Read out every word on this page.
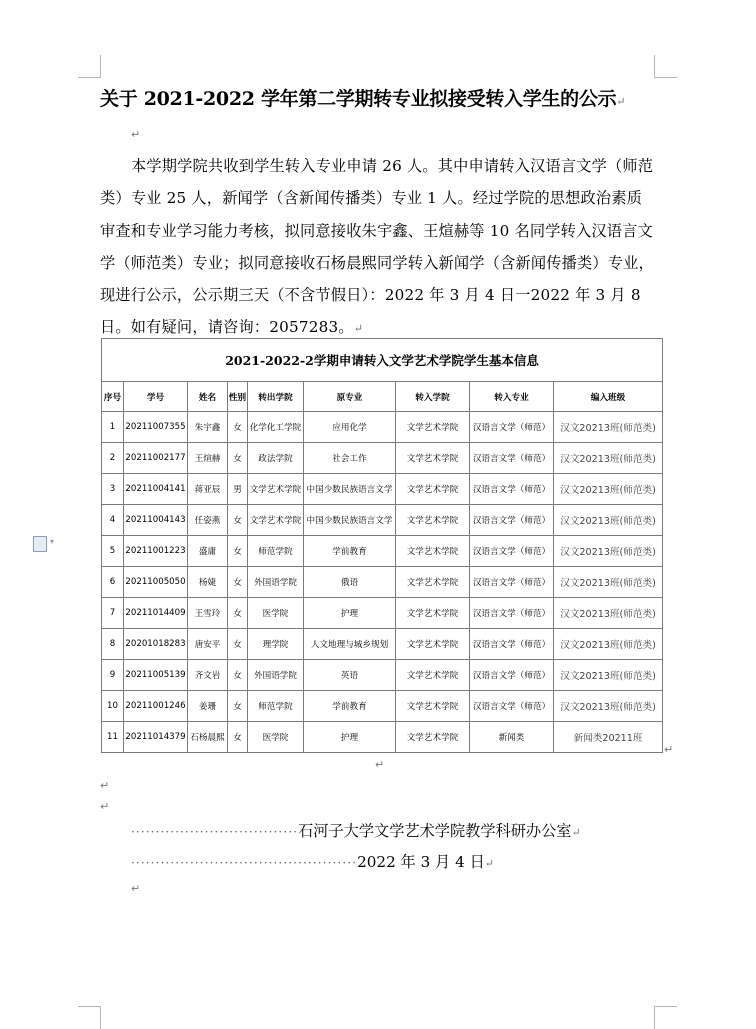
关于 2021-2022 学年第二学期转专业拟接受转入学生的公示↵
↵
本学期学院共收到学生转入专业申请 26 人。其中申请转入汉语言文学（师范类）专业 25 人，新闻学（含新闻传播类）专业 1 人。经过学院的思想政治素质审查和专业学习能力考核，拟同意接收朱宇鑫、王煊赫等 10 名同学转入汉语言文学（师范类）专业；拟同意接收石杨晨熙同学转入新闻学（含新闻传播类）专业，现进行公示，公示期三天（不含节假日）：2022 年 3 月 4 日一2022 年 3 月 8 日。如有疑问，请咨询：2057283。↵
▾
2021-2022-2学期申请转入文学艺术学院学生基本信息								
序号	学号	姓名	性别	转出学院	原专业	转入学院	转入专业	编入班级
1	20211007355	朱宇鑫	女	化学化工学院	应用化学	文学艺术学院	汉语言文学（师范）	汉文20213班(师范类)
2	20211002177	王煊赫	女	政法学院	社会工作	文学艺术学院	汉语言文学（师范）	汉文20213班(师范类)
3	20211004141	蒋亚辰	男	文学艺术学院	中国少数民族语言文学	文学艺术学院	汉语言文学（师范）	汉文20213班(师范类)
4	20211004143	任姿燕	女	文学艺术学院	中国少数民族语言文学	文学艺术学院	汉语言文学（师范）	汉文20213班(师范类)
5	20211001223	盛庸	女	师范学院	学前教育	文学艺术学院	汉语言文学（师范）	汉文20213班(师范类)
6	20211005050	杨婕	女	外国语学院	俄语	文学艺术学院	汉语言文学（师范）	汉文20213班(师范类)
7	20211014409	王雪玲	女	医学院	护理	文学艺术学院	汉语言文学（师范）	汉文20213班(师范类)
8	20201018283	唐安平	女	理学院	人文地理与城乡规划	文学艺术学院	汉语言文学（师范）	汉文20213班(师范类)
9	20211005139	齐文岩	女	外国语学院	英语	文学艺术学院	汉语言文学（师范）	汉文20213班(师范类)
10	20211001246	姜珊	女	师范学院	学前教育	文学艺术学院	汉语言文学（师范）	汉文20213班(师范类)
11	20211014379	石杨晨熙	女	医学院	护理	文学艺术学院	新闻类	新闻类20211班
↵
↵
↵
↵
··································石河子大学文学艺术学院教学科研办公室↵
··············································2022 年 3 月 4 日↵
↵
